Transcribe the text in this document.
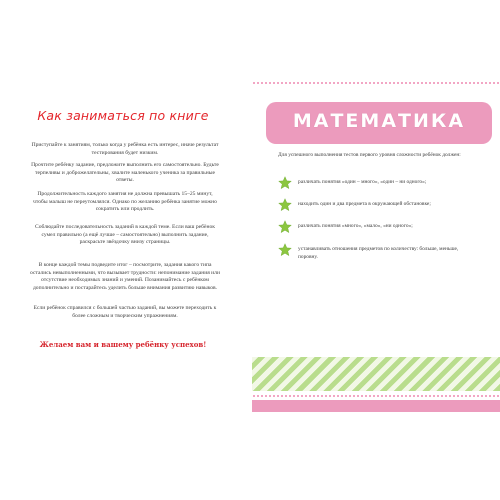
Как заниматься по книге

Приступайте к занятиям, только когда у ребёнка есть интерес, иначе результат тестирования будет низким.

Прочтите ребёнку задание, предложите выполнить его самостоятельно. Будьте терпеливы и доброжелательны, хвалите маленького ученика за правильные ответы.

Продолжительность каждого занятия не должна превышать 15–25 минут, чтобы малыш не переутомлялся. Однако по желанию ребёнка занятие можно сократить или продлить.

Соблюдайте последовательность заданий в каждой теме. Если ваш ребёнок сумел правильно (а ещё лучше – самостоятельно) выполнить задание, раскрасьте звёздочку внизу страницы.

В конце каждой темы подведите итог – посмотрите, задания какого типа остались невыполненными, что вызывает трудности: непонимание задания или отсутствие необходимых знаний и умений. Позанимайтесь с ребёнком дополнительно и постарайтесь уделить больше внимания развитию навыков.

Если ребёнок справился с большей частью заданий, вы можете переходить к более сложным и творческим упражнениям.

Желаем вам и вашему ребёнку успехов!
МАТЕМАТИКА

Для успешного выполнения тестов первого уровня сложности ребёнок должен:

различать понятия «один – много», «один – ни одного»;

находить один и два предмета в окружающей обстановке;

различать понятия «много», «мало», «ни одного»;

устанавливать отношения предметов по количеству: больше, меньше, поровну.
